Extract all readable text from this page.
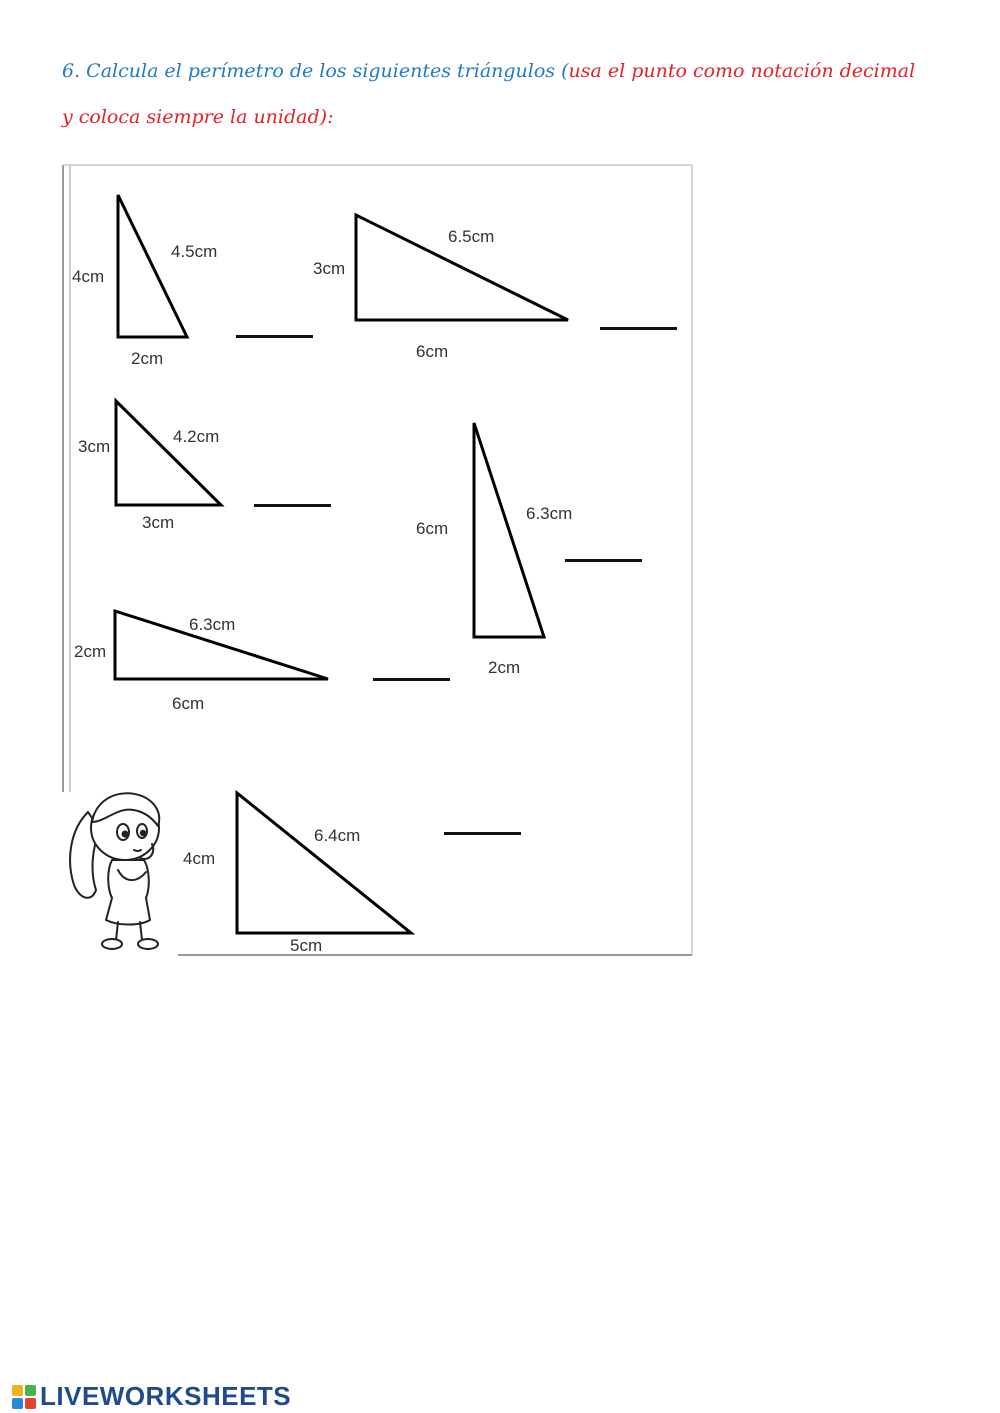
6. Calcula el perímetro de los siguientes triángulos (usa el punto como notación decimal
y coloca siempre la unidad):
4cm
2cm
4.5cm
3cm
6cm
6.5cm
3cm
3cm
4.2cm
6cm
2cm
6.3cm
2cm
6cm
6.3cm
4cm
5cm
6.4cm
LIVEWORKSHEETS
